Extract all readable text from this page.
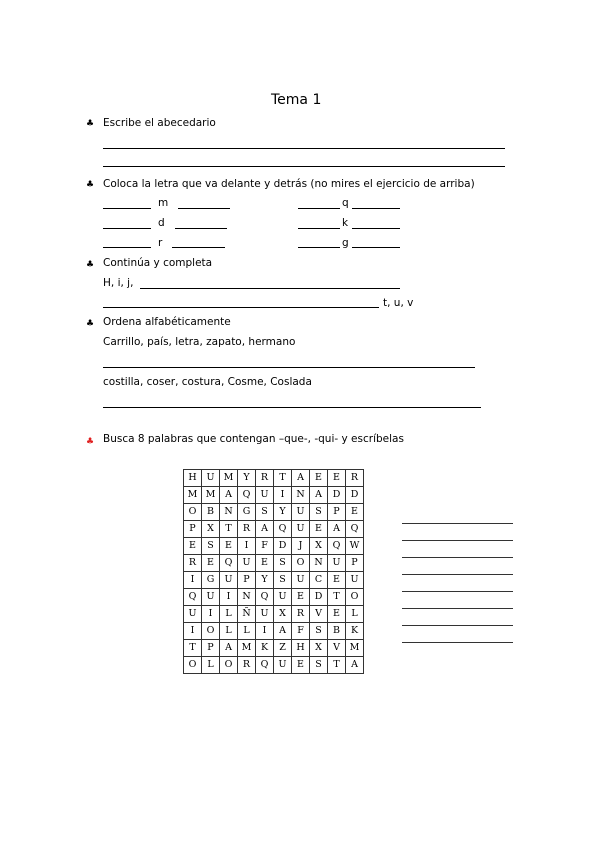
Tema 1
♣ Escribe el abecedario
♣ Coloca la letra que va delante y detrás (no mires el ejercicio de arriba)
m
d
r
q
k
g
♣ Continúa y completa
H, i, j,
t, u, v
♣ Ordena alfabéticamente
Carrillo, país, letra, zapato, hermano
costilla, coser, costura, Cosme, Coslada
♣ Busca 8 palabras que contengan –que-, -qui- y escríbelas
H	U	M	Y	R	T	A	E	E	R
M	M	A	Q	U	I	N	A	D	D
O	B	N	G	S	Y	U	S	P	E
P	X	T	R	A	Q	U	E	A	Q
E	S	E	I	F	D	J	X	Q	W
R	E	Q	U	E	S	O	N	U	P
I	G	U	P	Y	S	U	C	E	U
Q	U	I	N	Q	U	E	D	T	O
U	I	L	Ñ	U	X	R	V	E	L
I	O	L	L	I	A	F	S	B	K
T	P	A	M	K	Z	H	X	V	M
O	L	O	R	Q	U	E	S	T	A
